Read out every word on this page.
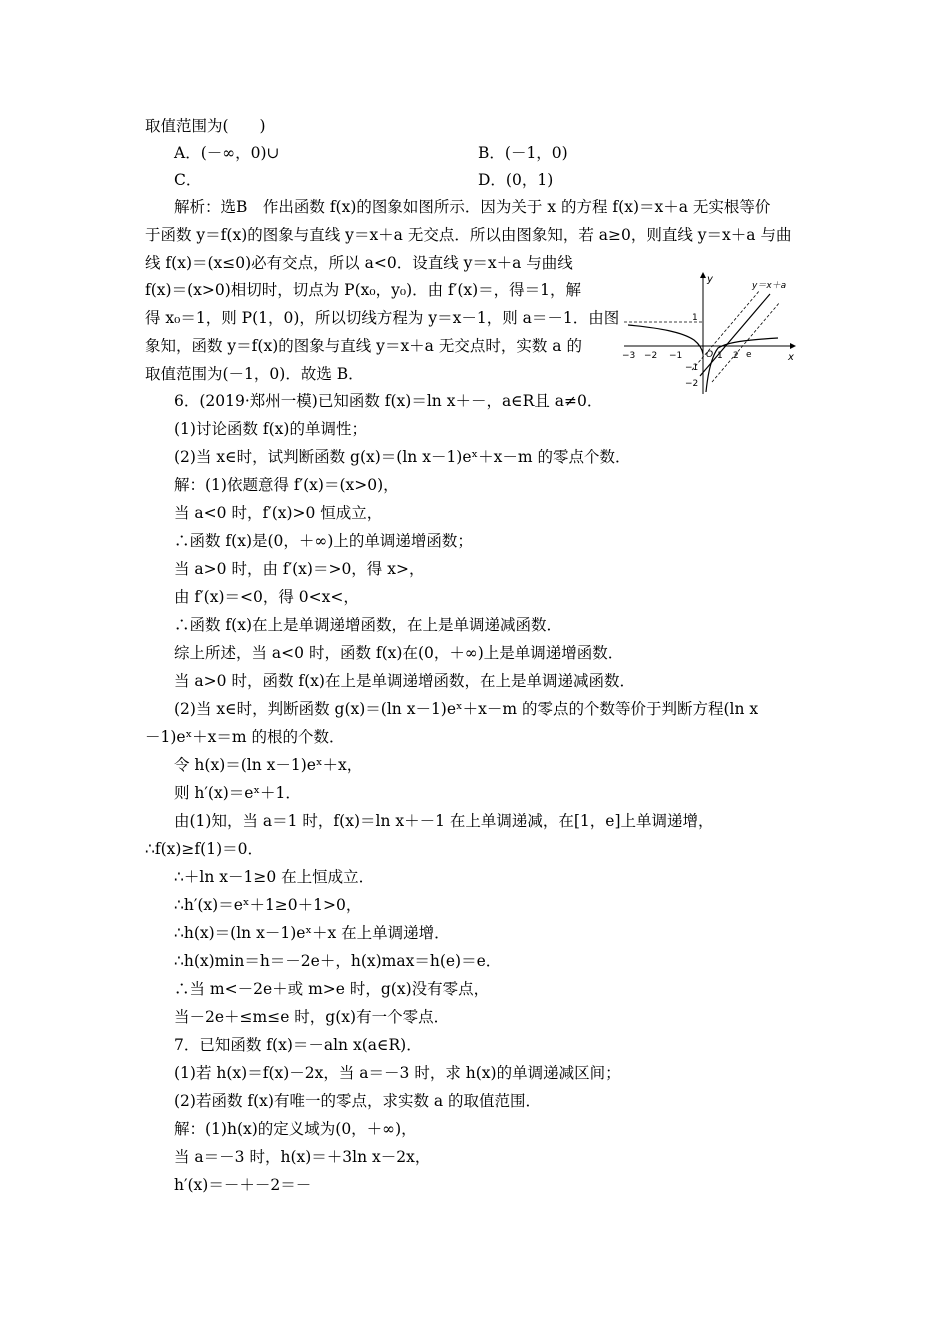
取值范围为(　　)
A．(－∞，0)∪	B．(－1，0)
C．	D．(0，1)
解析：选B　作出函数 f(x)的图象如图所示．因为关于 x 的方程 f(x)＝x＋a 无实根等价
于函数 y＝f(x)的图象与直线 y＝x＋a 无交点．所以由图象知，若 a≥0，则直线 y＝x＋a 与曲
线 f(x)＝(x≤0)必有交点，所以 a<0．设直线 y＝x＋a 与曲线
f(x)＝(x>0)相切时，切点为 P(x₀，y₀)．由 f′(x)＝，得＝1，解
得 x₀＝1，则 P(1，0)，所以切线方程为 y＝x－1，则 a＝－1．由图
象知，函数 y＝f(x)的图象与直线 y＝x＋a 无交点时，实数 a 的
取值范围为(－1，0)．故选 B．
6．(2019·郑州一模)已知函数 f(x)＝ln x＋－，a∈R且 a≠0．
(1)讨论函数 f(x)的单调性；
(2)当 x∈时，试判断函数 g(x)＝(ln x－1)eˣ＋x－m 的零点个数．
解：(1)依题意得 f′(x)＝(x>0)，
当 a<0 时，f′(x)>0 恒成立，
∴函数 f(x)是(0，＋∞)上的单调递增函数；
当 a>0 时，由 f′(x)＝>0，得 x>，
由 f′(x)＝<0，得 0<x<，
∴函数 f(x)在上是单调递增函数，在上是单调递减函数．
综上所述，当 a<0 时，函数 f(x)在(0，＋∞)上是单调递增函数．
当 a>0 时，函数 f(x)在上是单调递增函数，在上是单调递减函数．
(2)当 x∈时，判断函数 g(x)＝(ln x－1)eˣ＋x－m 的零点的个数等价于判断方程(ln x
－1)eˣ＋x＝m 的根的个数．
令 h(x)＝(ln x－1)eˣ＋x，
则 h′(x)＝eˣ＋1．
由(1)知，当 a＝1 时，f(x)＝ln x＋－1 在上单调递减，在[1，e]上单调递增，
∴f(x)≥f(1)＝0．
∴＋ln x－1≥0 在上恒成立．
∴h′(x)＝eˣ＋1≥0＋1>0，
∴h(x)＝(ln x－1)eˣ＋x 在上单调递增．
∴h(x)min＝h＝－2e＋，h(x)max＝h(e)＝e．
∴当 m<－2e＋或 m>e 时，g(x)没有零点，
当－2e＋≤m≤e 时，g(x)有一个零点．
7．已知函数 f(x)＝－aln x(a∈R)．
(1)若 h(x)＝f(x)－2x，当 a＝－3 时，求 h(x)的单调递减区间；
(2)若函数 f(x)有唯一的零点，求实数 a 的取值范围．
解：(1)h(x)的定义域为(0，＋∞)，
当 a＝－3 时，h(x)＝＋3ln x－2x，
h′(x)＝－＋－2＝－
y
x
y＝x＋a
O
−3 −2 −1	1 2 e
1
−1
−2
